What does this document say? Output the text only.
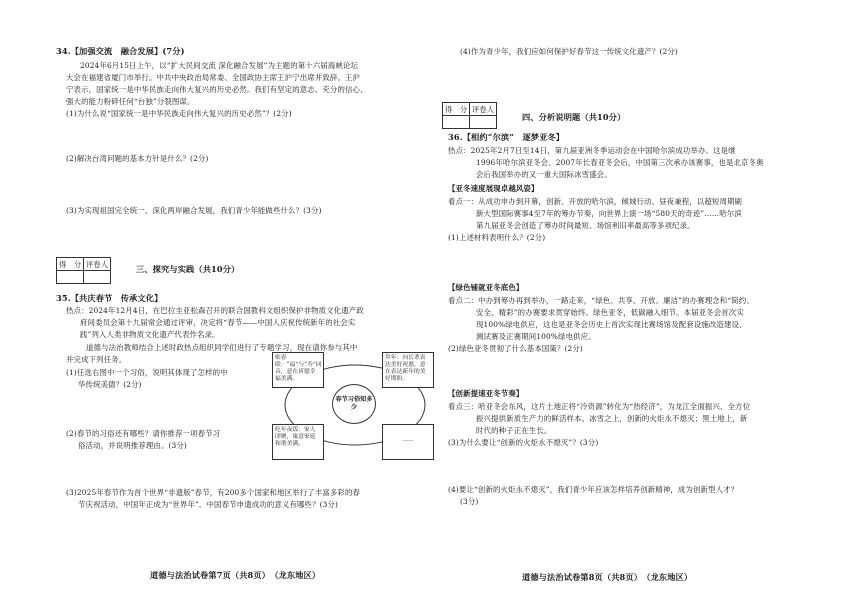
34.【加强交流　融合发展】(7分)
2024年6月15日上午，以“扩大民间交流 深化融合发展”为主题的第十六届海峡论坛
大会在福建省厦门市举行。中共中央政治局常委、全国政协主席王沪宁出席并致辞。王沪
宁表示，国家统一是中华民族走向伟大复兴的历史必然。我们有坚定的意志、充分的信心、
强大的能力粉碎任何“台独”分裂图谋。
(1)为什么说“国家统一是中华民族走向伟大复兴的历史必然”？(2分)
(2)解决台湾问题的基本方针是什么？(2分)
(3)为实现祖国完全统一、深化两岸融合发展，我们青少年能做些什么？(3分)
得　分	评卷人
		三、探究与实践（共10分）
35.【共庆春节　传承文化】
热点：2024年12月4日，在巴拉圭亚松森召开的联合国教科文组织保护非物质文化遗产政
府间委员会第十九届常会通过评审，决定将“春节——中国人庆祝传统新年的社会实
践”列入人类非物质文化遗产代表作名录。
道德与法治教师结合上述时政热点组织同学们进行了专题学习，现在请你参与其中
并完成下列任务。
(1)任选右图中一个习俗，说明其体现了怎样的中
华传统美德？(2分)
(2)春节的习俗还有哪些？请你推荐一项春节习
俗活动，并说明推荐理由。(3分)
(3)2025年春节作为首个世界“非遗版”春节，有200多个国家和地区举行了丰富多彩的春
节庆祝活动，中国年正成为“世界年”。中国春节申遗成功的意义有哪些？(3分)
春节习俗知多少
贴春联：“福”与“寿”同音，意在祈愿幸福美满。
拜年：向长辈表达美好祝愿，意在表达新年的美好期盼。
吃年夜饭：家人团聚，寓意家庭和谐美满。
……
道德与法治试卷第7页（共8页）　（龙东地区）
(4)作为青少年，我们应如何保护好春节这一传统文化遗产？(2分)
得　分	评卷人

四、分析说明题（共10分）
36.【相约“尔滨”　逐梦亚冬】
热点：2025年2月7日至14日，第九届亚洲冬季运动会在中国哈尔滨成功举办。这是继
1996年哈尔滨亚冬会、2007年长春亚冬会后，中国第三次承办该赛事，也是北京冬奥
会后我国举办的又一重大国际冰雪盛会。
【亚冬速度展现卓越风姿】
看点一：从成功申办到开幕，创新、开放的哈尔滨，倾城行动、昼夜兼程，以超短周期刷
新大型国际赛事4至7年的筹办节奏，向世界上演一场“580天的奇迹”……哈尔滨
第九届亚冬会创造了筹办时间最短、场馆利旧率最高等多项纪录。
(1)上述材料表明什么？(2分)
【绿色铺就亚冬底色】
看点二：中办到筹办再到举办，一路走来，“绿色、共享、开放、廉洁”的办赛理念和“简约、
安全、精彩”的办赛要求贯穿始终。绿色亚冬，低碳融入细节。本届亚冬会首次实
现100%绿电供应，这也是亚冬会历史上首次实现比赛场馆及配套设施改造建设、
测试赛及正赛期间100%绿电供应。
(2)绿色亚冬贯彻了什么基本国策？(2分)
【创新提速亚冬节奏】
看点三：哈亚冬会东风，这片土地正将“冷资源”转化为“热经济”，为龙江全面振兴、全方位
振兴提供新质生产力的鲜活样本。冰雪之上，创新的火炬永不熄灭；黑土地上，新
时代的种子正在生长。
(3)为什么要让“创新的火炬永不熄灭”？(3分)
(4)要让“创新的火炬永不熄灭”，我们青少年应该怎样培养创新精神，成为创新型人才？
(3分)
道德与法治试卷第8页（共8页）　（龙东地区）
